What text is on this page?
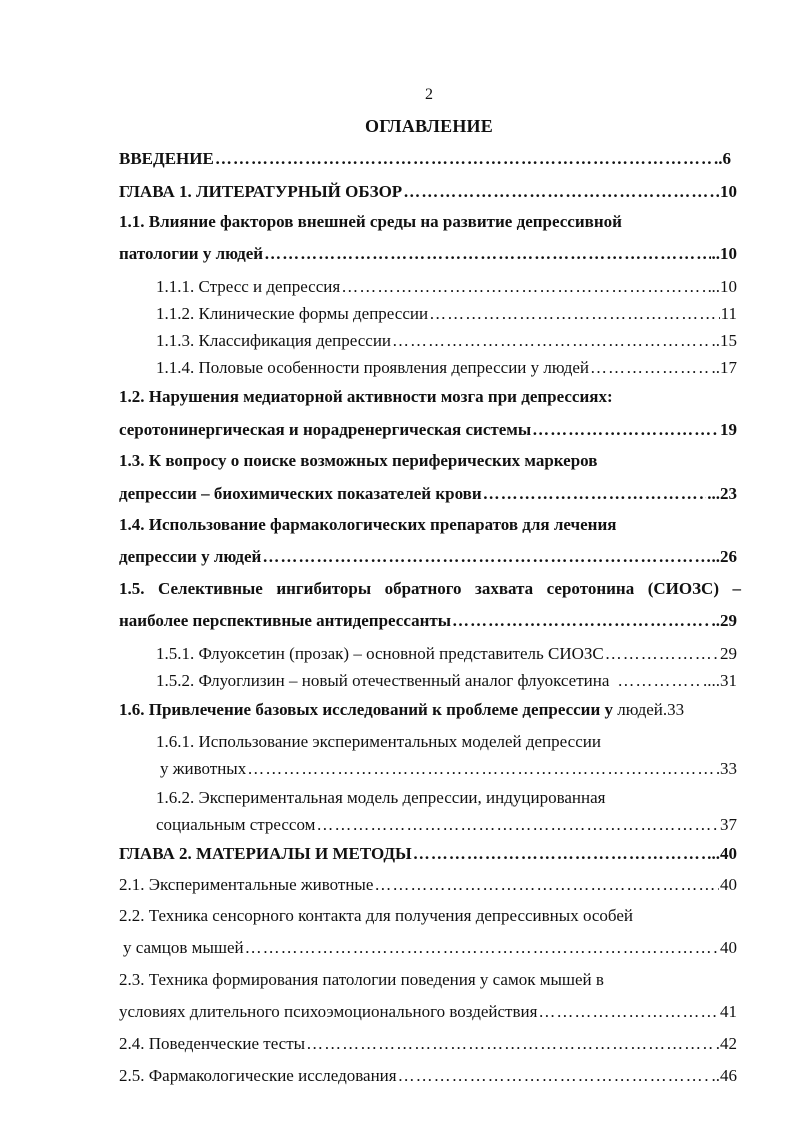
2
ОГЛАВЛЕНИЕ
ВВЕДЕНИЕ ……………………………………………………………………………………………………………………………………………………………………………………………………	..6
ГЛАВА 1. ЛИТЕРАТУРНЫЙ ОБЗОР ……………………………………………………………………………………………………………………………………………………………………………………………………	10
1.1. Влияние факторов внешней среды на развитие депрессивной
патологии у людей ……………………………………………………………………………………………………………………………………………………………………………………………………	..10
1.1.1. Стресс и депрессия ……………………………………………………………………………………………………………………………………………………………………………………………………	..10
1.1.2. Клинические формы депрессии ……………………………………………………………………………………………………………………………………………………………………………………………………	11
1.1.3. Классификация депрессии ……………………………………………………………………………………………………………………………………………………………………………………………………	..15
1.1.4. Половые особенности проявления депрессии у людей ……………………………………………………………………………………………………………………………………………………………………………………………………	..17
1.2. Нарушения медиаторной активности мозга при депрессиях:
серотонинергическая и норадренергическая системы ……………………………………………………………………………………………………………………………………………………………………………………………………	19
1.3. К вопросу о поиске возможных периферических маркеров
депрессии – биохимических показателей крови ……………………………………………………………………………………………………………………………………………………………………………………………………	...23
1.4. Использование фармакологических препаратов для лечения
депрессии у людей ……………………………………………………………………………………………………………………………………………………………………………………………………	..26
1.5. Селективные ингибиторы обратного захвата серотонина (СИОЗС) –
наиболее перспективные антидепрессанты ……………………………………………………………………………………………………………………………………………………………………………………………………	..29
1.5.1. Флуоксетин (прозак) – основной представитель СИОЗС ……………………………………………………………………………………………………………………………………………………………………………………………………	29
1.5.2. Флуоглизин – новый отечественный аналог флуоксетина ……………………………………………………………………………………………………………………………………………………………………………………………………	....31
1.6. Привлечение базовых исследований к проблеме депрессии у людей.33
1.6.1. Использование экспериментальных моделей депрессии
у животных ……………………………………………………………………………………………………………………………………………………………………………………………………	33
1.6.2. Экспериментальная модель депрессии, индуцированная
социальным стрессом ……………………………………………………………………………………………………………………………………………………………………………………………………	37
ГЛАВА 2. МАТЕРИАЛЫ И МЕТОДЫ ……………………………………………………………………………………………………………………………………………………………………………………………………	..40
2.1. Экспериментальные животные ……………………………………………………………………………………………………………………………………………………………………………………………………	40
2.2. Техника сенсорного контакта для получения депрессивных особей
у самцов мышей ……………………………………………………………………………………………………………………………………………………………………………………………………	40
2.3. Техника формирования патологии поведения у самок мышей в
условиях длительного психоэмоционального воздействия ……………………………………………………………………………………………………………………………………………………………………………………………………	41
2.4. Поведенческие тесты ……………………………………………………………………………………………………………………………………………………………………………………………………	.42
2.5. Фармакологические исследования ……………………………………………………………………………………………………………………………………………………………………………………………………	..46
